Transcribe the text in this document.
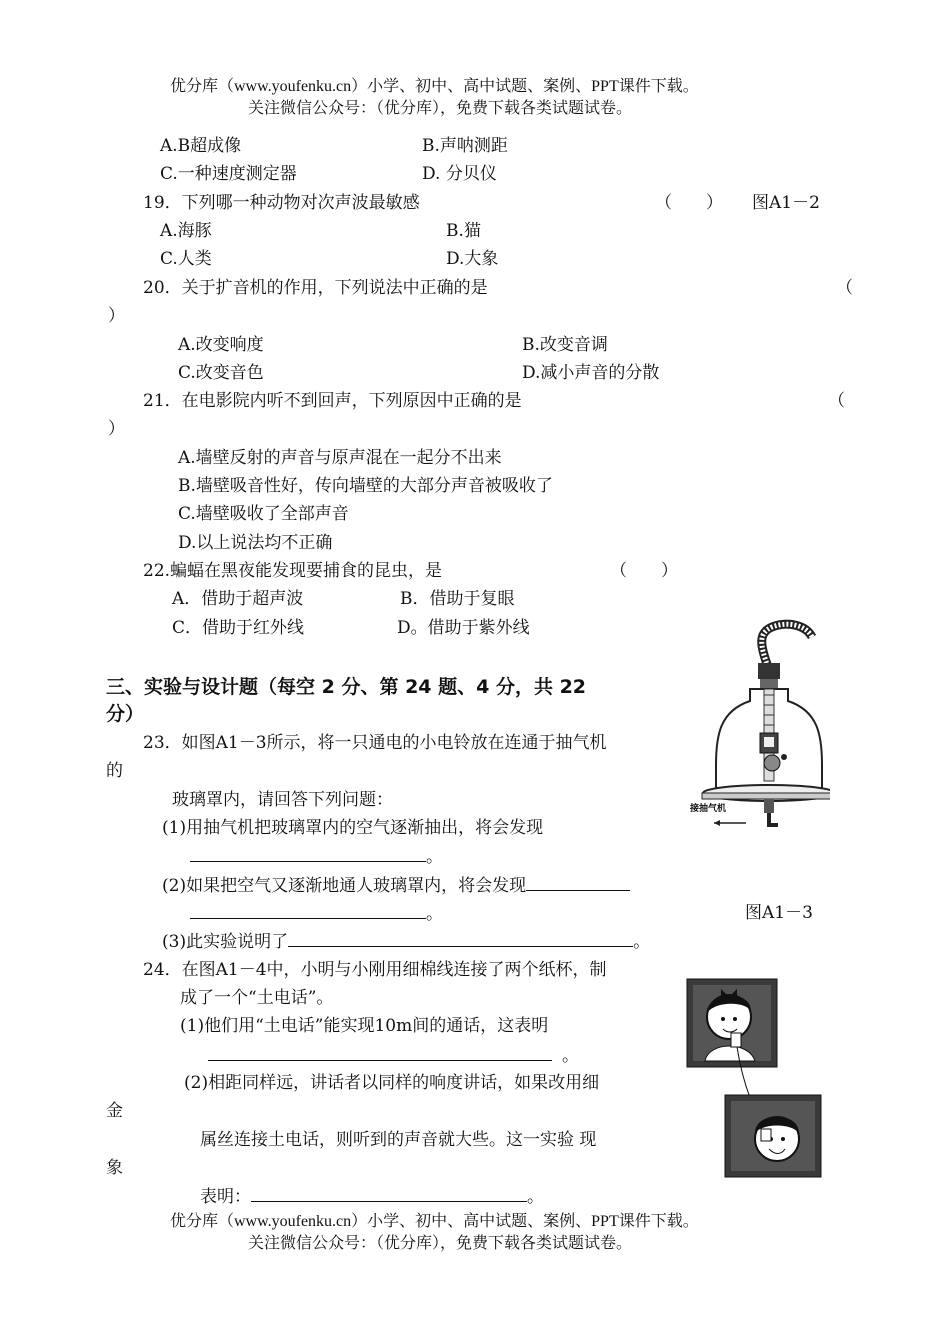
优分库（www.youfenku.cn）小学、初中、高中试题、案例、PPT课件下载。
关注微信公众号：（优分库），免费下载各类试题试卷。
A.B超成像	B.声呐测距
C.一种速度测定器	D. 分贝仪
19．下列哪一种动物对次声波最敏感	（　　） 图A1－2
A.海豚	B.猫
C.人类	D.大象
20．关于扩音机的作用，下列说法中正确的是	（
）
A.改变响度	B.改变音调
C.改变音色	D.减小声音的分散
21．在电影院内听不到回声，下列原因中正确的是	（
）
A.墙壁反射的声音与原声混在一起分不出来
B.墙壁吸音性好，传向墙壁的大部分声音被吸收了
C.墙壁吸收了全部声音
D.以上说法均不正确
22.蝙蝠在黑夜能发现要捕食的昆虫，是	（　　）
A．借助于超声波	B．借助于复眼
C．借助于红外线	D。借助于紫外线
三、实验与设计题（每空 2 分、第 24 题、4 分，共 22
分）
23．如图A1－3所示，将一只通电的小电铃放在连通于抽气机
的
玻璃罩内，请回答下列问题：
(1)用抽气机把玻璃罩内的空气逐渐抽出，将会发现
。
(2)如果把空气又逐渐地通人玻璃罩内，将会发现
。	图A1－3
(3)此实验说明了	。
24．在图A1－4中，小明与小刚用细棉线连接了两个纸杯，制
成了一个“土电话”。
(1)他们用“土电话”能实现10m间的通话，这表明
。
(2)相距同样远，讲话者以同样的响度讲话，如果改用细
金
属丝连接土电话，则听到的声音就大些。这一实验 现
象
表明：	。
优分库（www.youfenku.cn）小学、初中、高中试题、案例、PPT课件下载。
关注微信公众号：（优分库），免费下载各类试题试卷。
接抽气机
